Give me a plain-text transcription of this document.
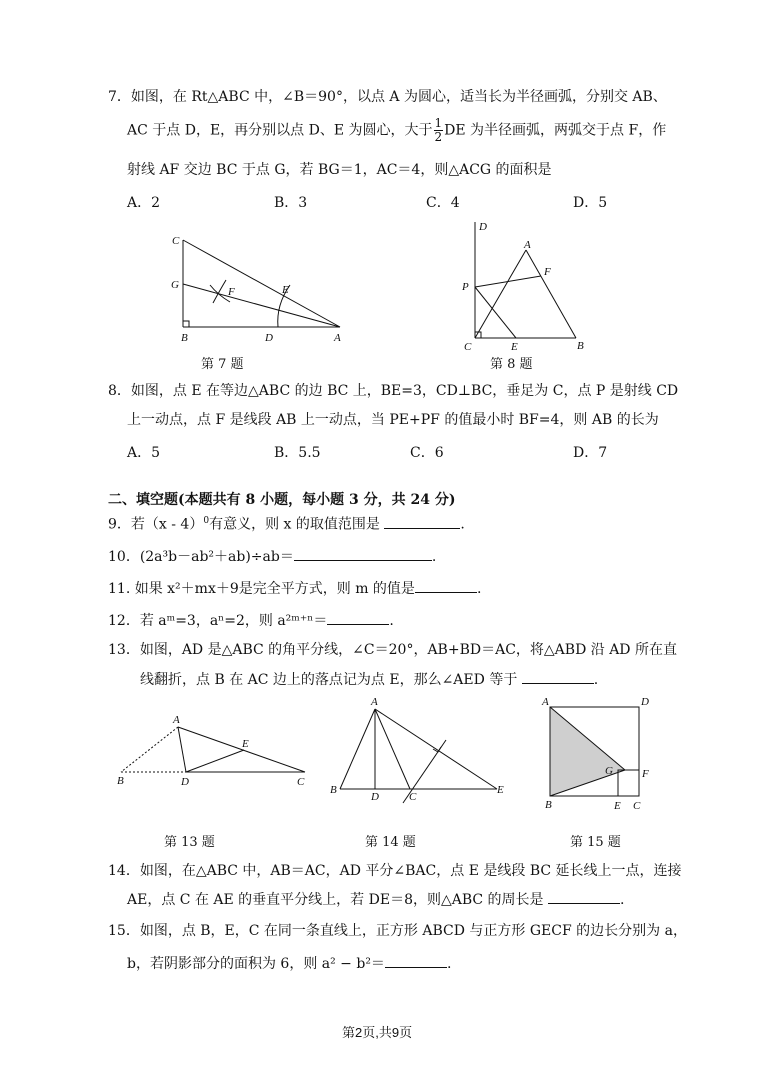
7．如图，在 Rt△ABC 中，∠B＝90°，以点 A 为圆心，适当长为半径画弧，分别交 AB、
AC 于点 D，E，再分别以点 D、E 为圆心，大于 $\frac{1}{2}$ DE 为半径画弧，两弧交于点 F，作
射线 AF 交边 BC 于点 G，若 BG＝1，AC＝4，则△ACG 的面积是
A．2	B．3	C．4	D．5
C
G
F	E
B	D	A
第 7 题
D
A
F
P
C	E	B
第 8 题
8．如图，点 E 在等边△ABC 的边 BC 上，BE=3，CD⊥BC，垂足为 C，点 P 是射线 CD
上一动点，点 F 是线段 AB 上一动点，当 PE+PF 的值最小时 BF=4，则 AB 的长为
A．5	B．5.5	C．6	D．7
二、填空题(本题共有 8 小题，每小题 3 分，共 24 分)
9．若（x - 4）$^0$有意义，则 x 的取值范围是	.
10．(2a³b－ab²＋ab)÷ab＝	.
11. 如果 x²＋mx＋9是完全平方式，则 m 的值是	.
12．若 aᵐ=3，aⁿ=2，则 a²ᵐ⁺ⁿ＝	.
13．如图，AD 是△ABC 的角平分线，∠C＝20°，AB+BD＝AC，将△ABD 沿 AD 所在直
线翻折，点 B 在 AC 边上的落点记为点 E，那么∠AED 等于	.
A
E
B	D	C
第 13 题
A
B
D	C
E
第 14 题
A	D
G	F
B	E C
第 15 题
14．如图，在△ABC 中，AB＝AC，AD 平分∠BAC，点 E 是线段 BC 延长线上一点，连接
AE，点 C 在 AE 的垂直平分线上，若 DE＝8，则△ABC 的周长是	.
15．如图，点 B，E，C 在同一条直线上，正方形 ABCD 与正方形 GECF 的边长分别为 a，
b，若阴影部分的面积为 6，则 a² − b²＝	.
第2页,共9页
